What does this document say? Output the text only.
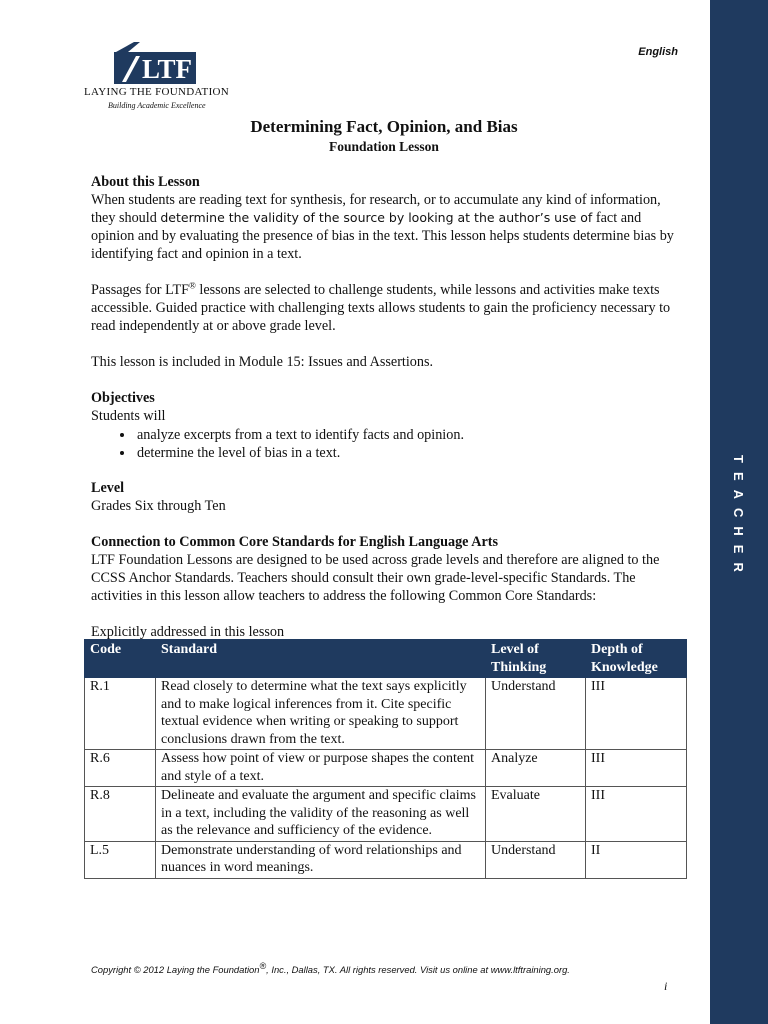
TEACHER
English
LTF
LAYING THE FOUNDATION
Building Academic Excellence
Determining Fact, Opinion, and Bias
Foundation Lesson

About this Lesson

When students are reading text for synthesis, for research, or to accumulate any kind of information, they should determine the validity of the source by looking at the author’s use of fact and opinion and by evaluating the presence of bias in the text. This lesson helps students determine bias by identifying fact and opinion in a text.

Passages for LTF® lessons are selected to challenge students, while lessons and activities make texts accessible. Guided practice with challenging texts allows students to gain the proficiency necessary to read independently at or above grade level.

This lesson is included in Module 15: Issues and Assertions.

Objectives

Students will

• analyze excerpts from a text to identify facts and opinion.
• determine the level of bias in a text.

Level

Grades Six through Ten

Connection to Common Core Standards for English Language Arts

LTF Foundation Lessons are designed to be used across grade levels and therefore are aligned to the CCSS Anchor Standards. Teachers should consult their own grade-level-specific Standards. The activities in this lesson allow teachers to address the following Common Core Standards:

Explicitly addressed in this lesson

Code	Standard	Level of Thinking	Depth of Knowledge
R.1	Read closely to determine what the text says explicitly and to make logical inferences from it. Cite specific textual evidence when writing or speaking to support conclusions drawn from the text.	Understand	III
R.6	Assess how point of view or purpose shapes the content and style of a text.	Analyze	III
R.8	Delineate and evaluate the argument and specific claims in a text, including the validity of the reasoning as well as the relevance and sufficiency of the evidence.	Evaluate	III
L.5	Demonstrate understanding of word relationships and nuances in word meanings.	Understand	II
Copyright © 2012 Laying the Foundation®, Inc., Dallas, TX. All rights reserved. Visit us online at www.ltftraining.org.
i
